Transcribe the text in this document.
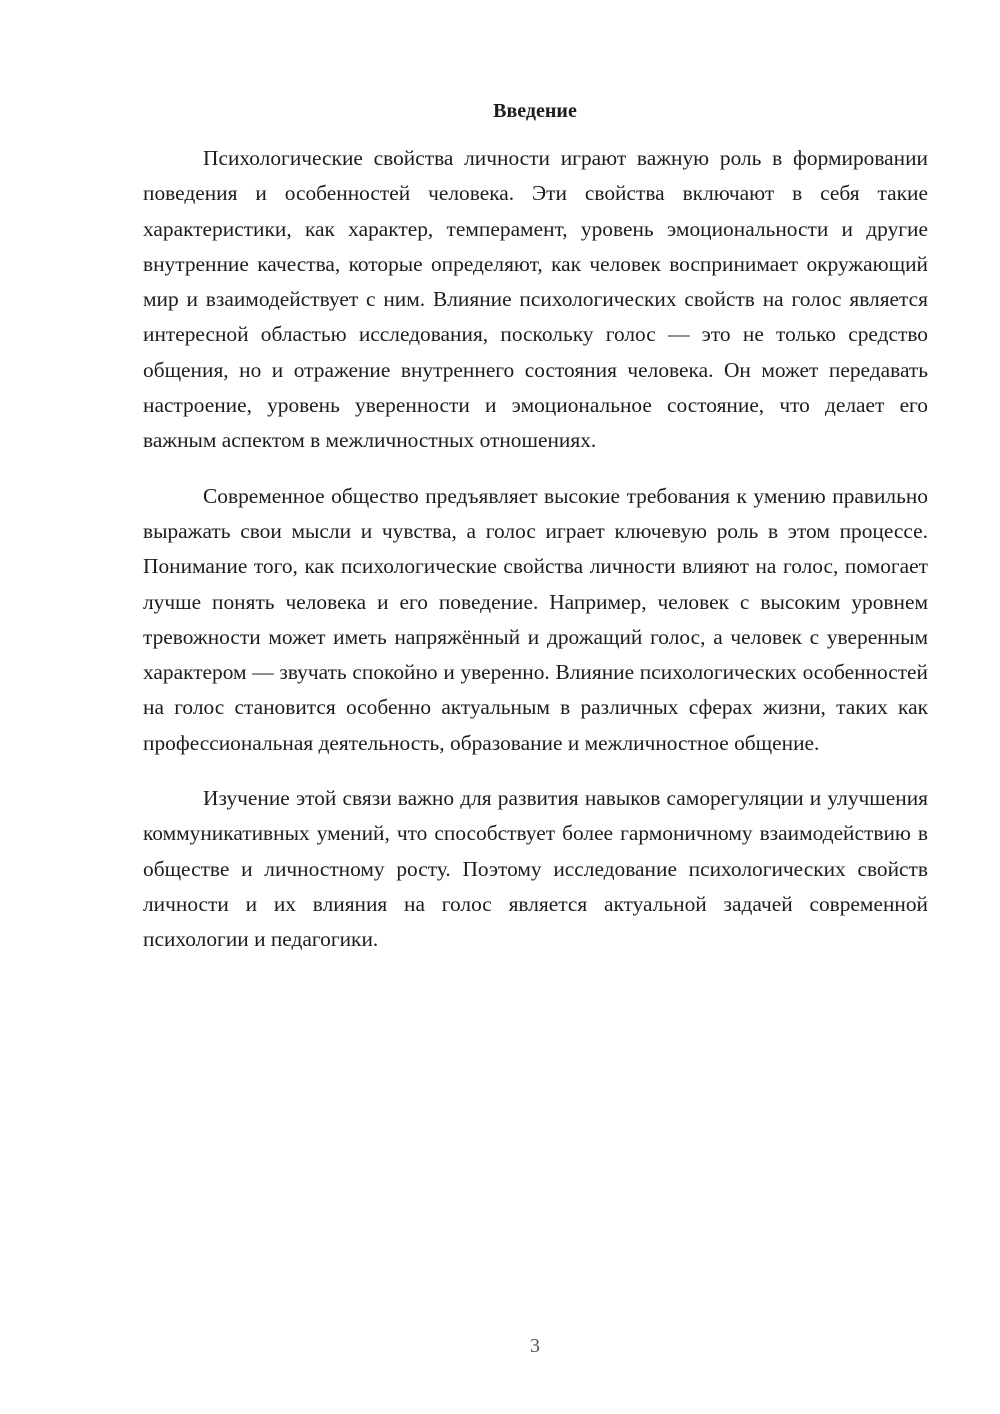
Введение

Психологические свойства личности играют важную роль в формировании поведения и особенностей человека. Эти свойства включают в себя такие характеристики, как характер, темперамент, уровень эмоциональности и другие внутренние качества, которые определяют, как человек воспринимает окружающий мир и взаимодействует с ним. Влияние психологических свойств на голос является интересной областью исследования, поскольку голос — это не только средство общения, но и отражение внутреннего состояния человека. Он может передавать настроение, уровень уверенности и эмоциональное состояние, что делает его важным аспектом в межличностных отношениях.

Современное общество предъявляет высокие требования к умению правильно выражать свои мысли и чувства, а голос играет ключевую роль в этом процессе. Понимание того, как психологические свойства личности влияют на голос, помогает лучше понять человека и его поведение. Например, человек с высоким уровнем тревожности может иметь напряжённый и дрожащий голос, а человек с уверенным характером — звучать спокойно и уверенно. Влияние психологических особенностей на голос становится особенно актуальным в различных сферах жизни, таких как профессиональная деятельность, образование и межличностное общение.

Изучение этой связи важно для развития навыков саморегуляции и улучшения коммуникативных умений, что способствует более гармоничному взаимодействию в обществе и личностному росту. Поэтому исследование психологических свойств личности и их влияния на голос является актуальной задачей современной психологии и педагогики.

3
